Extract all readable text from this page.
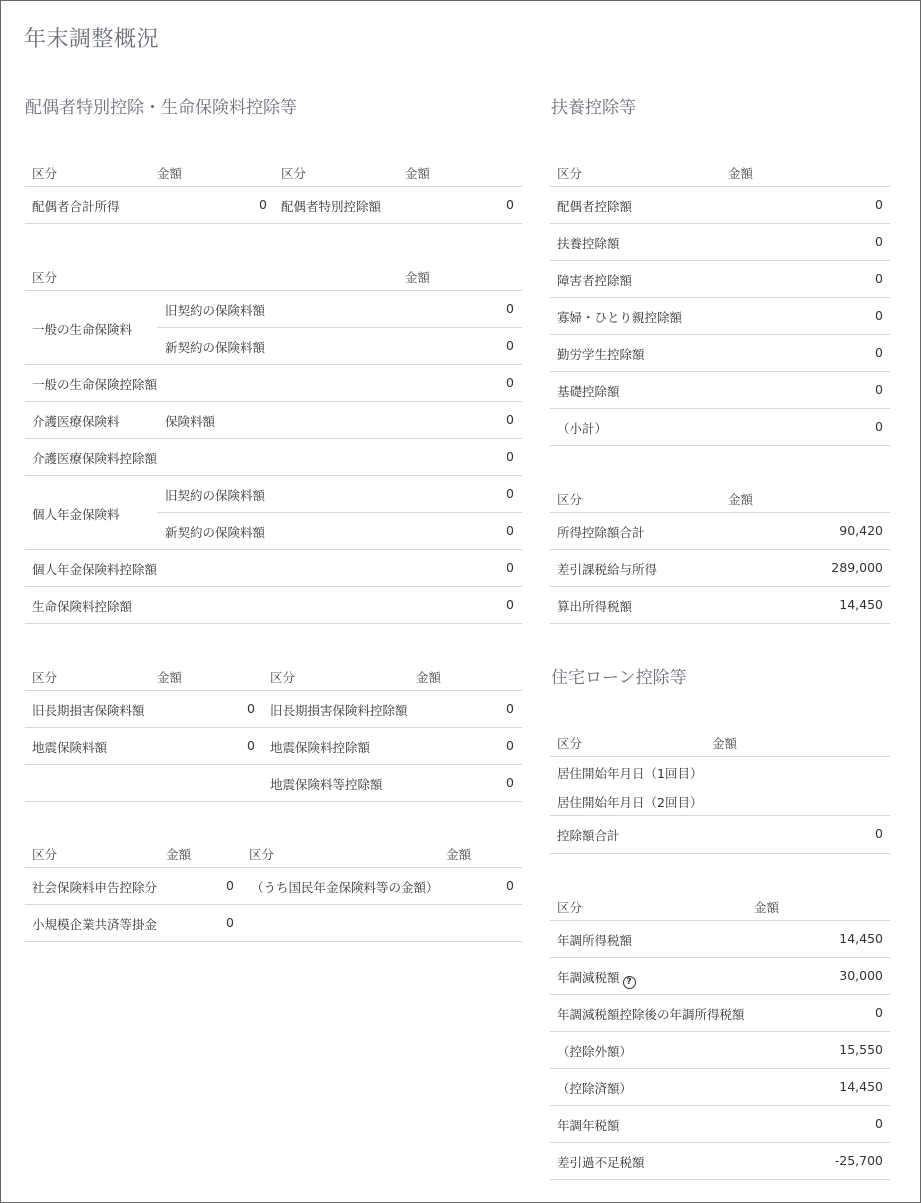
年末調整概況
配偶者特別控除・生命保険料控除等
区分	金額	区分	金額
配偶者合計所得	0 配偶者特別控除額	0
区分	金額
一般の生命保険料
旧契約の保険料額	0
新契約の保険料額	0
一般の生命保険控除額	0
介護医療保険料	保険料額	0
介護医療保険料控除額	0
個人年金保険料
旧契約の保険料額	0
新契約の保険料額	0
個人年金保険料控除額	0
生命保険料控除額	0
区分	金額	区分	金額
旧長期損害保険料額	0 旧長期損害保険料控除額	0
地震保険料額	0 地震保険料控除額	0
地震保険料等控除額	0
区分	金額	区分	金額
社会保険料申告控除分	0 （うち国民年金保険料等の金額）	0
小規模企業共済等掛金	0
扶養控除等
区分	金額
配偶者控除額	0
扶養控除額	0
障害者控除額	0
寡婦・ひとり親控除額	0
勤労学生控除額	0
基礎控除額	0
（小計）	0
区分	金額
所得控除額合計	90,420
差引課税給与所得	289,000
算出所得税額	14,450
住宅ローン控除等
区分	金額
居住開始年月日（1回目）
居住開始年月日（2回目）
控除額合計	0
区分	金額
年調所得税額	14,450
年調減税額 ?	30,000
年調減税額控除後の年調所得税額	0
（控除外額）	15,550
（控除済額）	14,450
年調年税額	0
差引過不足税額	-25,700
